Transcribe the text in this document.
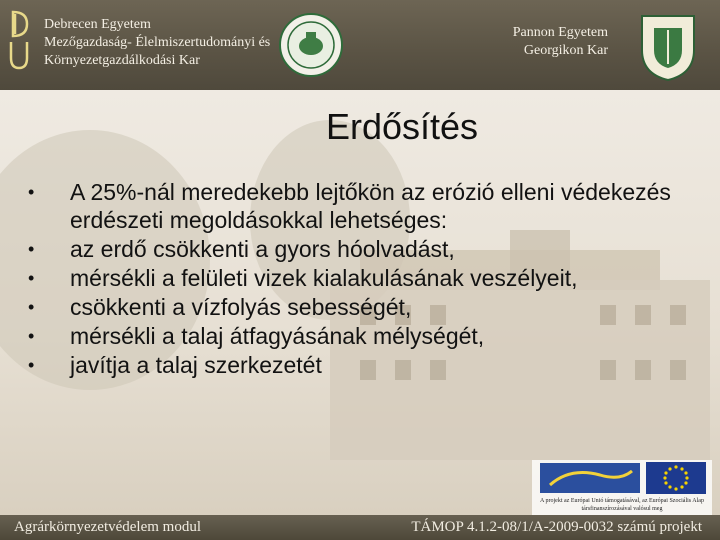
Debrecen Egyetem
Mezőgazdaság- Élelmiszertudományi és
Környezetgazdálkodási Kar
Pannon Egyetem
Georgikon Kar
Erdősítés
• A 25%-nál meredekebb lejtőkön az erózió elleni védekezés erdészeti megoldásokkal lehetséges:
• az erdő csökkenti a gyors hóolvadást,
• mérsékli a felületi vizek kialakulásának veszélyeit,
• csökkenti a vízfolyás sebességét,
• mérsékli a talaj átfagyásának mélységét,
• javítja a talaj szerkezetét
A projekt az Európai Unió támogatásával, az Európai Szociális Alap társfinanszírozásával valósul meg
Agrárkörnyezetvédelem modul	TÁMOP 4.1.2-08/1/A-2009-0032 számú projekt
